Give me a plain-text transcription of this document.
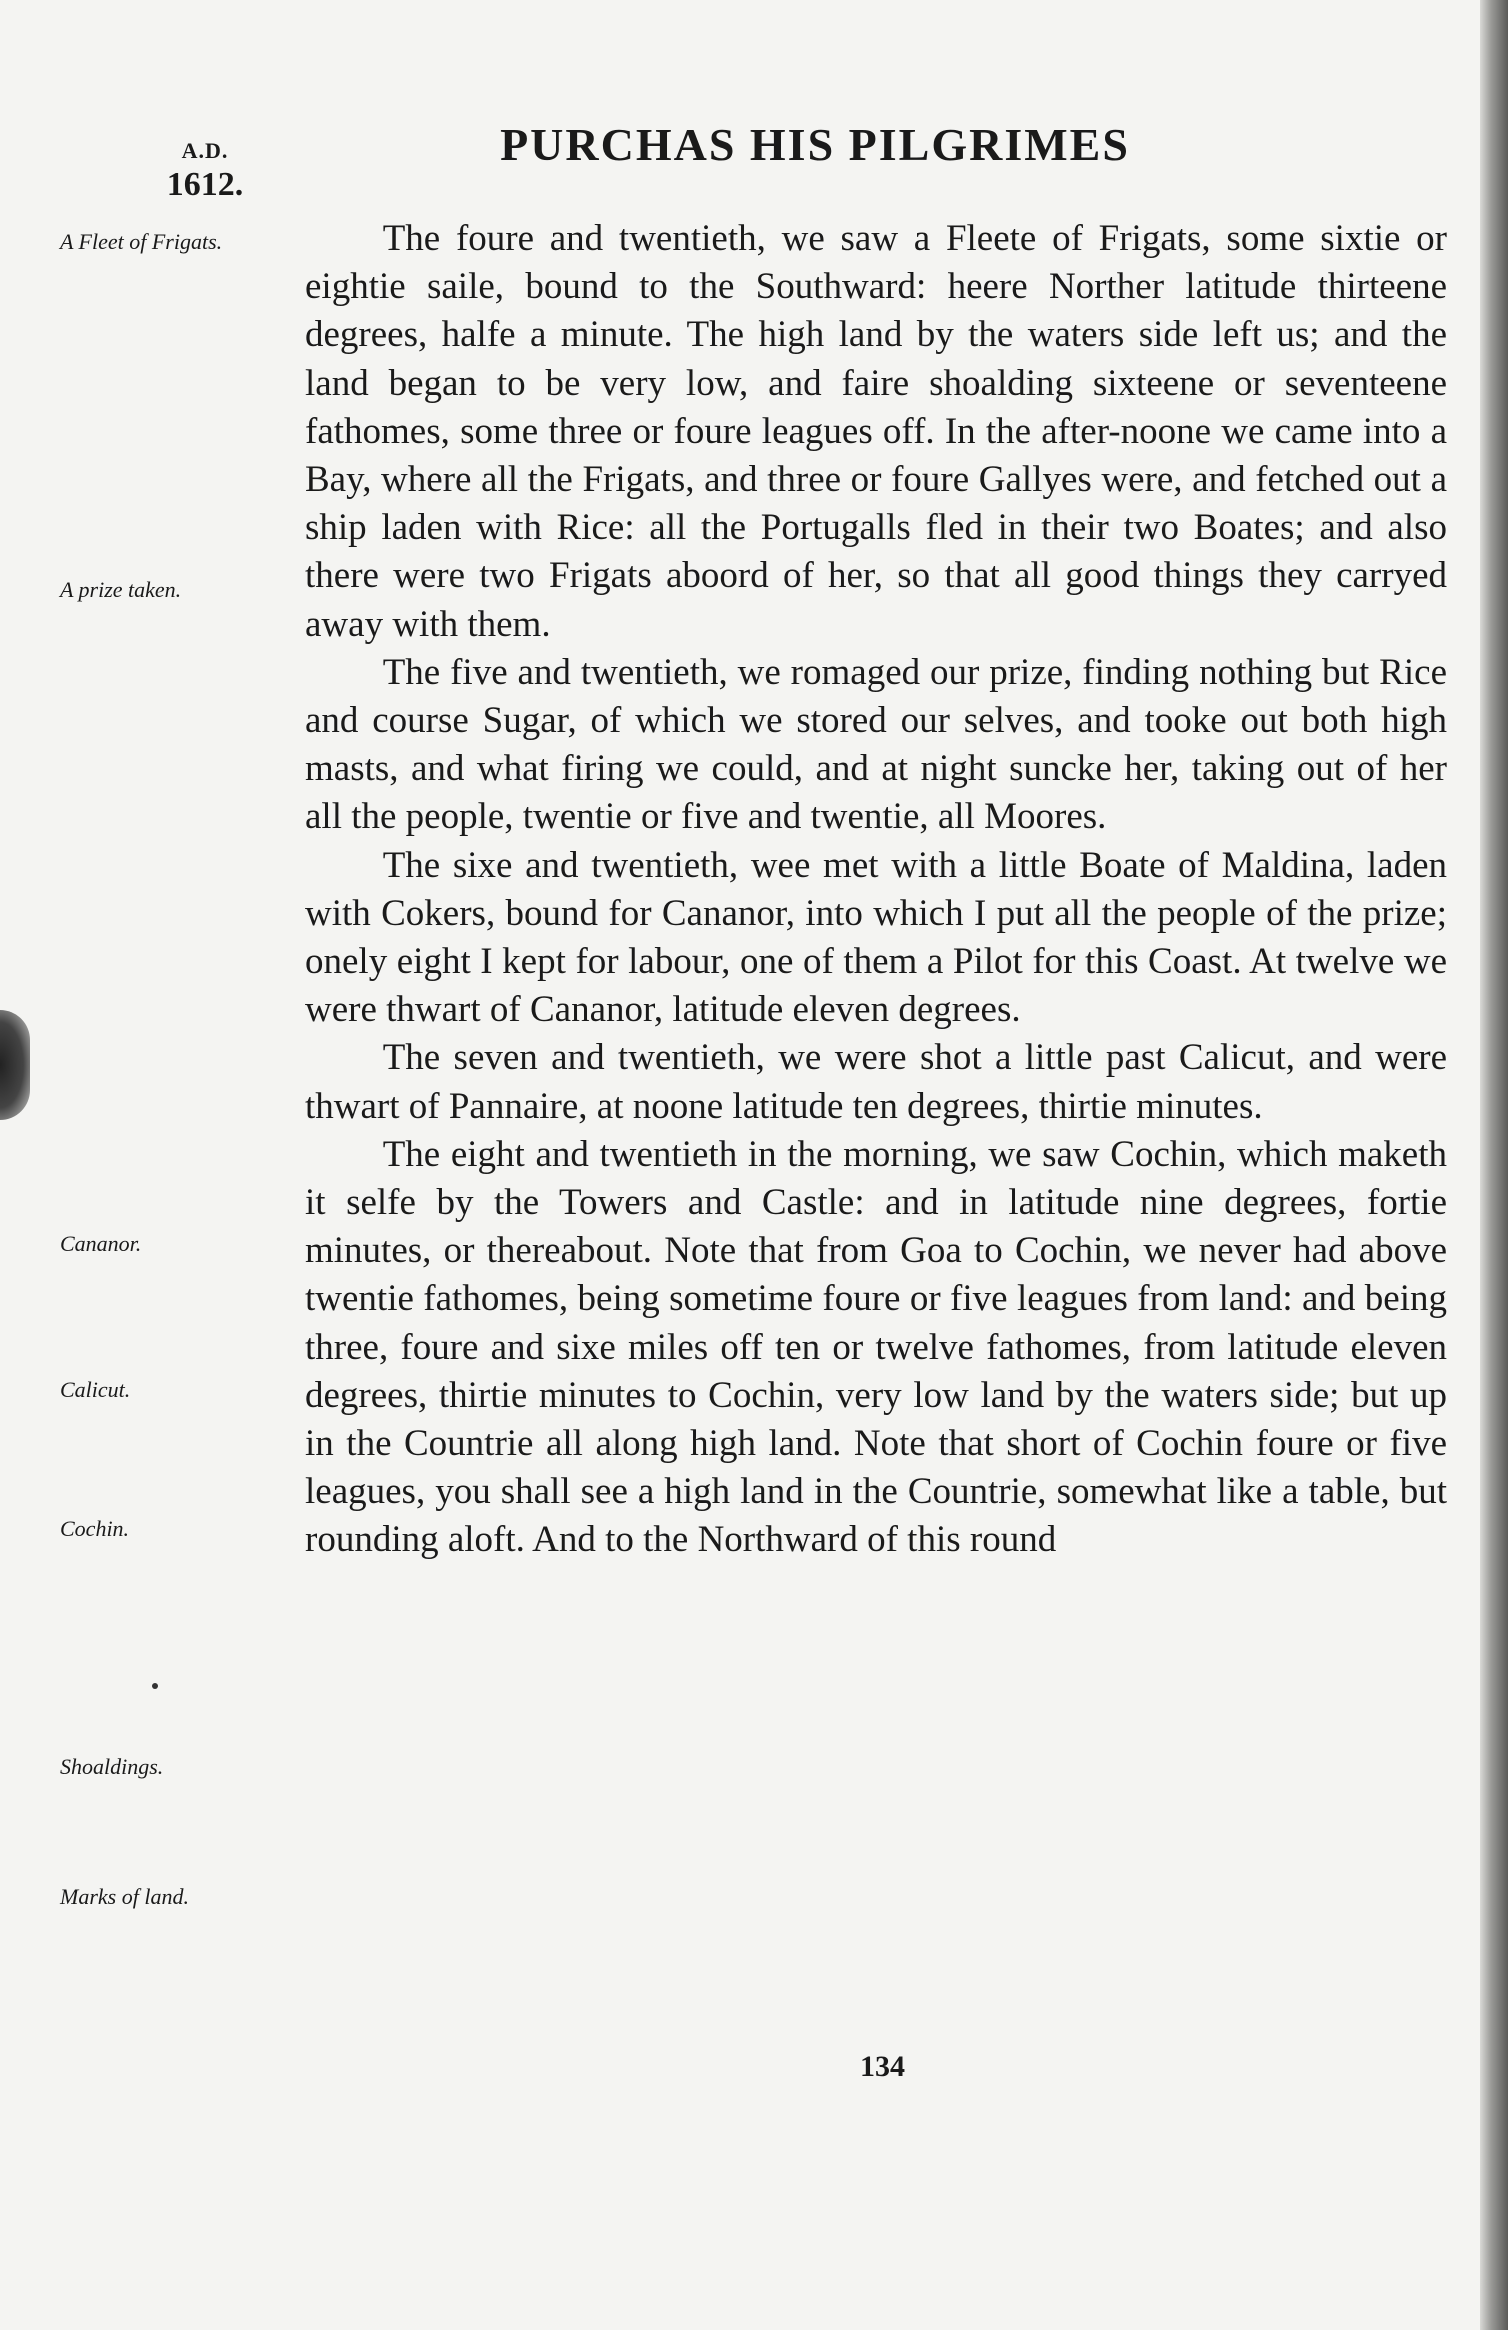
A.D.
1612.
PURCHAS HIS PILGRIMES
A Fleet of Frigats.
A prize taken.
Cananor.
Calicut.
Cochin.
Shoaldings.
Marks of land.

The foure and twentieth, we saw a Fleete of Frigats, some sixtie or eightie saile, bound to the Southward: heere Norther latitude thirteene degrees, halfe a minute. The high land by the waters side left us; and the land began to be very low, and faire shoalding sixteene or seventeene fathomes, some three or foure leagues off. In the after-noone we came into a Bay, where all the Frigats, and three or foure Gallyes were, and fetched out a ship laden with Rice: all the Portugalls fled in their two Boates; and also there were two Frigats aboord of her, so that all good things they carryed away with them.

The five and twentieth, we romaged our prize, finding nothing but Rice and course Sugar, of which we stored our selves, and tooke out both high masts, and what firing we could, and at night suncke her, taking out of her all the people, twentie or five and twentie, all Moores.

The sixe and twentieth, wee met with a little Boate of Maldina, laden with Cokers, bound for Cananor, into which I put all the people of the prize; onely eight I kept for labour, one of them a Pilot for this Coast. At twelve we were thwart of Cananor, latitude eleven degrees.

The seven and twentieth, we were shot a little past Calicut, and were thwart of Pannaire, at noone latitude ten degrees, thirtie minutes.

The eight and twentieth in the morning, we saw Cochin, which maketh it selfe by the Towers and Castle: and in latitude nine degrees, fortie minutes, or thereabout. Note that from Goa to Cochin, we never had above twentie fathomes, being sometime foure or five leagues from land: and being three, foure and sixe miles off ten or twelve fathomes, from latitude eleven degrees, thirtie minutes to Cochin, very low land by the waters side; but up in the Countrie all along high land. Note that short of Cochin foure or five leagues, you shall see a high land in the Countrie, somewhat like a table, but rounding aloft. And to the Northward of this round

134
